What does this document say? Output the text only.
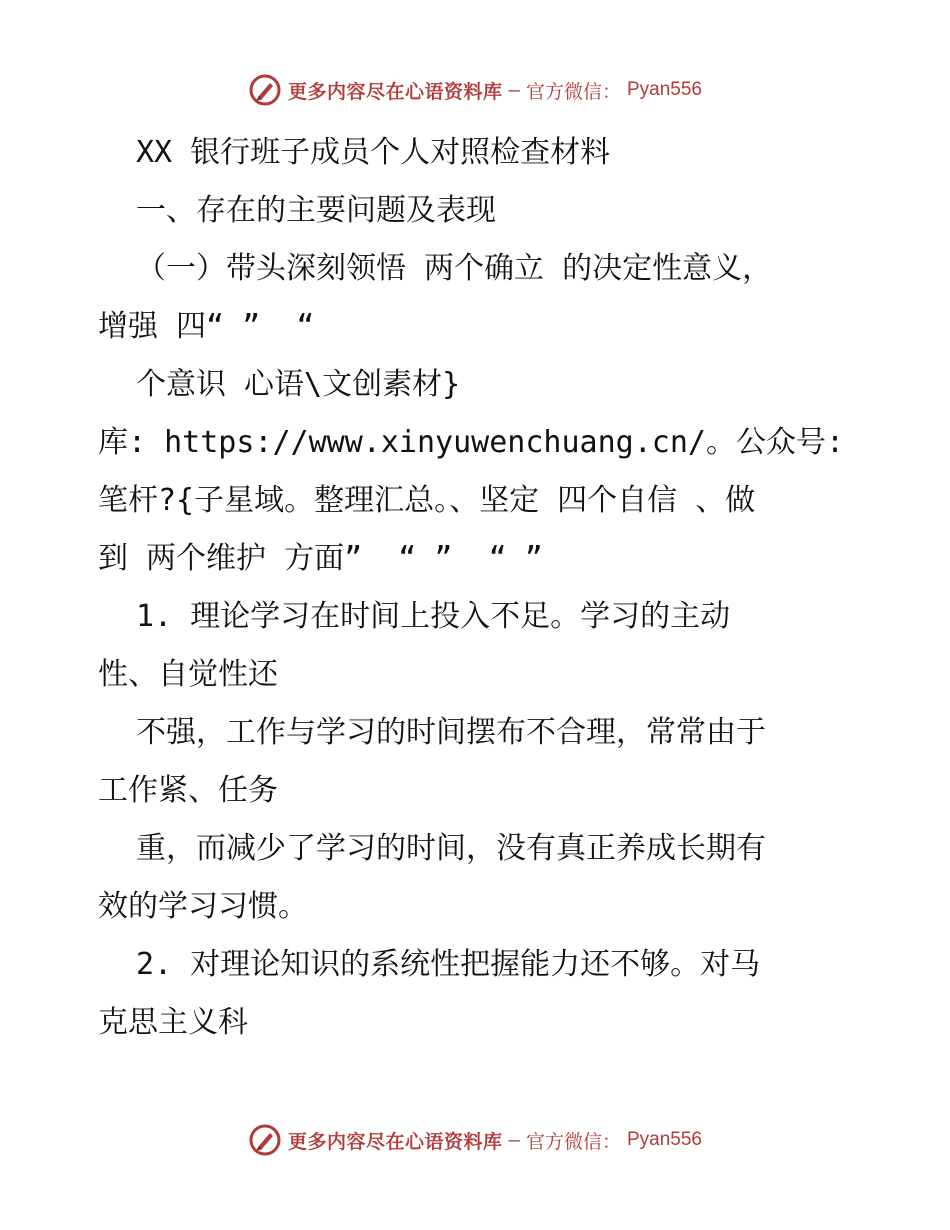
更多内容尽在心语资料库 — 官方微信： Pyan556

XX 银行班子成员个人对照检查材料

一、存在的主要问题及表现

（一）带头深刻领悟 两个确立 的决定性意义，

增强 四“ ”  “

个意识 心语\文创素材}

库: https://www.xinyuwenchuang.cn/。公众号:

笔杆?{子星域。整理汇总。、坚定 四个自信 、做

到 两个维护 方面”  “ ”  “ ”

1. 理论学习在时间上投入不足。学习的主动

性、自觉性还

不强，工作与学习的时间摆布不合理，常常由于

工作紧、任务

重，而减少了学习的时间，没有真正养成长期有

效的学习习惯。

2. 对理论知识的系统性把握能力还不够。对马

克思主义科

更多内容尽在心语资料库 — 官方微信： Pyan556
